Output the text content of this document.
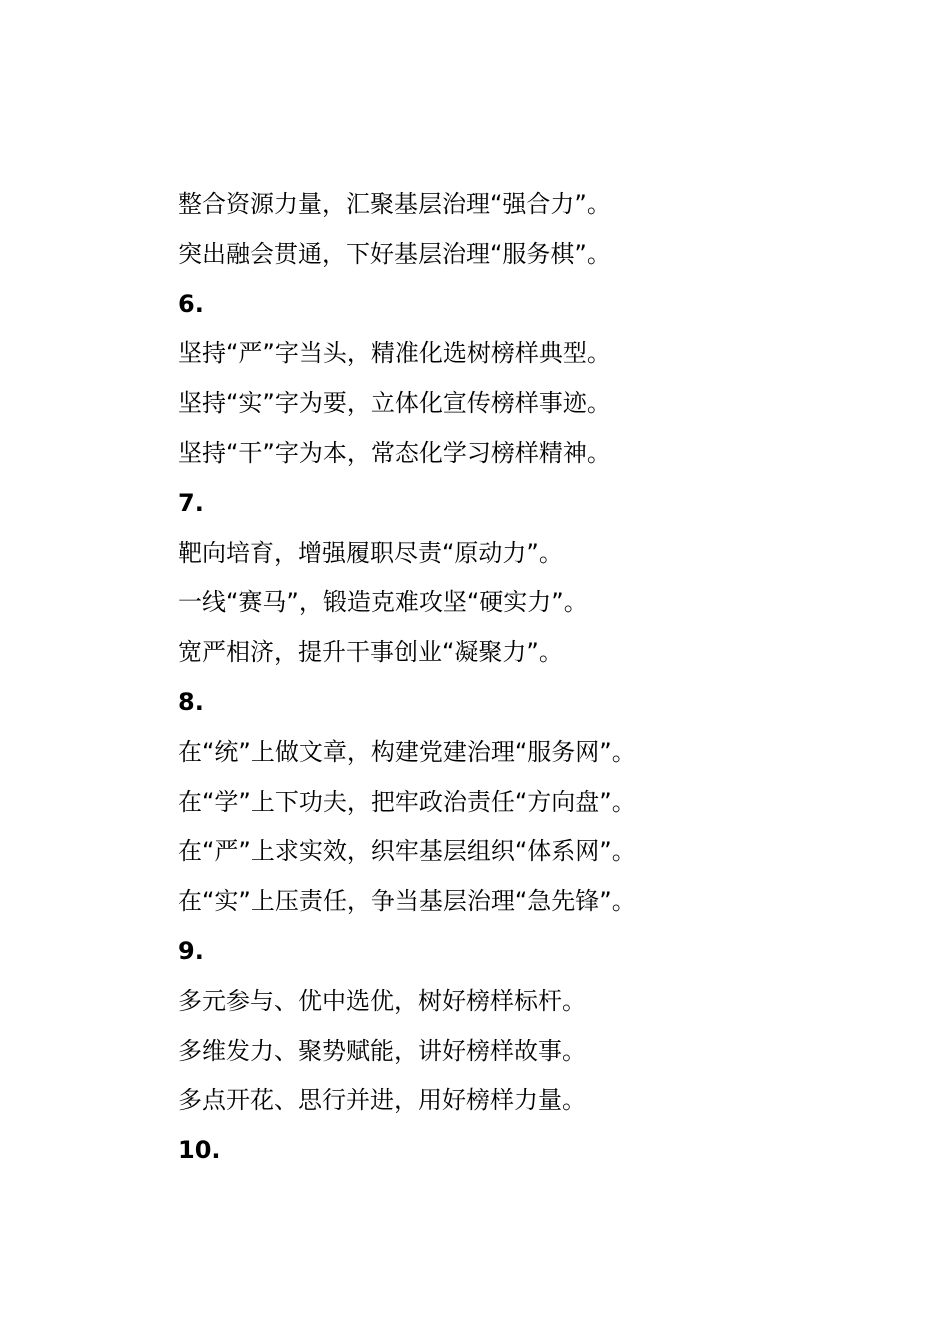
整合资源力量，汇聚基层治理“强合力”。
突出融会贯通，下好基层治理“服务棋”。
6.
坚持“严”字当头，精准化选树榜样典型。
坚持“实”字为要，立体化宣传榜样事迹。
坚持“干”字为本，常态化学习榜样精神。
7.
靶向培育，增强履职尽责“原动力”。
一线“赛马”，锻造克难攻坚“硬实力”。
宽严相济，提升干事创业“凝聚力”。
8.
在“统”上做文章，构建党建治理“服务网”。
在“学”上下功夫，把牢政治责任“方向盘”。
在“严”上求实效，织牢基层组织“体系网”。
在“实”上压责任，争当基层治理“急先锋”。
9.
多元参与、优中选优，树好榜样标杆。
多维发力、聚势赋能，讲好榜样故事。
多点开花、思行并进，用好榜样力量。
10.
